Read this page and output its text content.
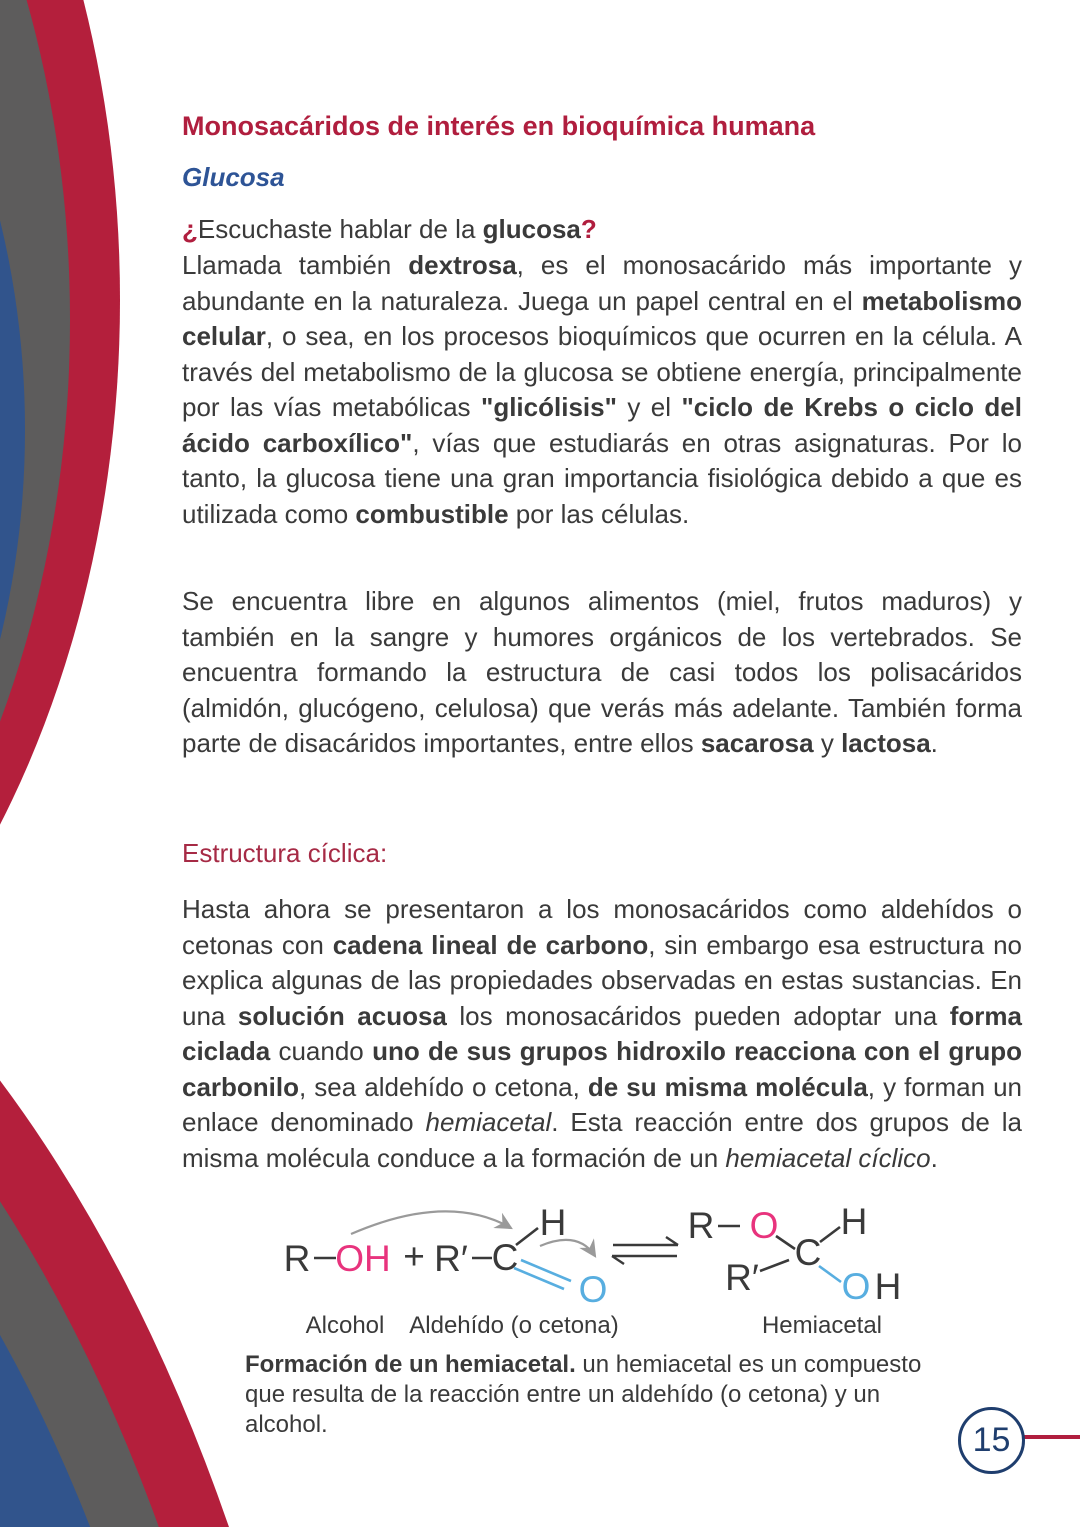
Monosacáridos de interés en bioquímica humana
Glucosa

¿Escuchaste hablar de la glucosa?

Llamada también dextrosa, es el monosacárido más importante y abundante en la naturaleza. Juega un papel central en el metabolismo celular, o sea, en los procesos bioquímicos que ocurren en la célula. A través del metabolismo de la glucosa se obtiene energía, principalmente por las vías metabólicas "glicólisis" y el "ciclo de Krebs o ciclo del ácido carboxílico", vías que estudiarás en otras asignaturas. Por lo tanto, la glucosa tiene una gran importancia fisiológica debido a que es utilizada como combustible por las células.

Se encuentra libre en algunos alimentos (miel, frutos maduros) y también en la sangre y humores orgánicos de los vertebrados. Se encuentra formando la estructura de casi todos los polisacáridos (almidón, glucógeno, celulosa) que verás más adelante. También forma parte de disacáridos importantes, entre ellos sacarosa y lactosa.

Estructura cíclica:

Hasta ahora se presentaron a los monosacáridos como aldehídos o cetonas con cadena lineal de carbono, sin embargo esa estructura no explica algunas de las propiedades observadas en estas sustancias. En una solución acuosa los monosacáridos pueden adoptar una forma ciclada cuando uno de sus grupos hidroxilo reacciona con el grupo carbonilo, sea aldehído o cetona, de su misma molécula, y forman un enlace denominado hemiacetal. Esta reacción entre dos grupos de la misma molécula conduce a la formación de un hemiacetal cíclico.

R OH + R′ C
H
O
R O
C
H
R′ O H
Alcohol Aldehído (o cetona)	Hemiacetal
Formación de un hemiacetal. un hemiacetal es un compuesto que resulta de la reacción entre un aldehído (o cetona) y un alcohol.	15
